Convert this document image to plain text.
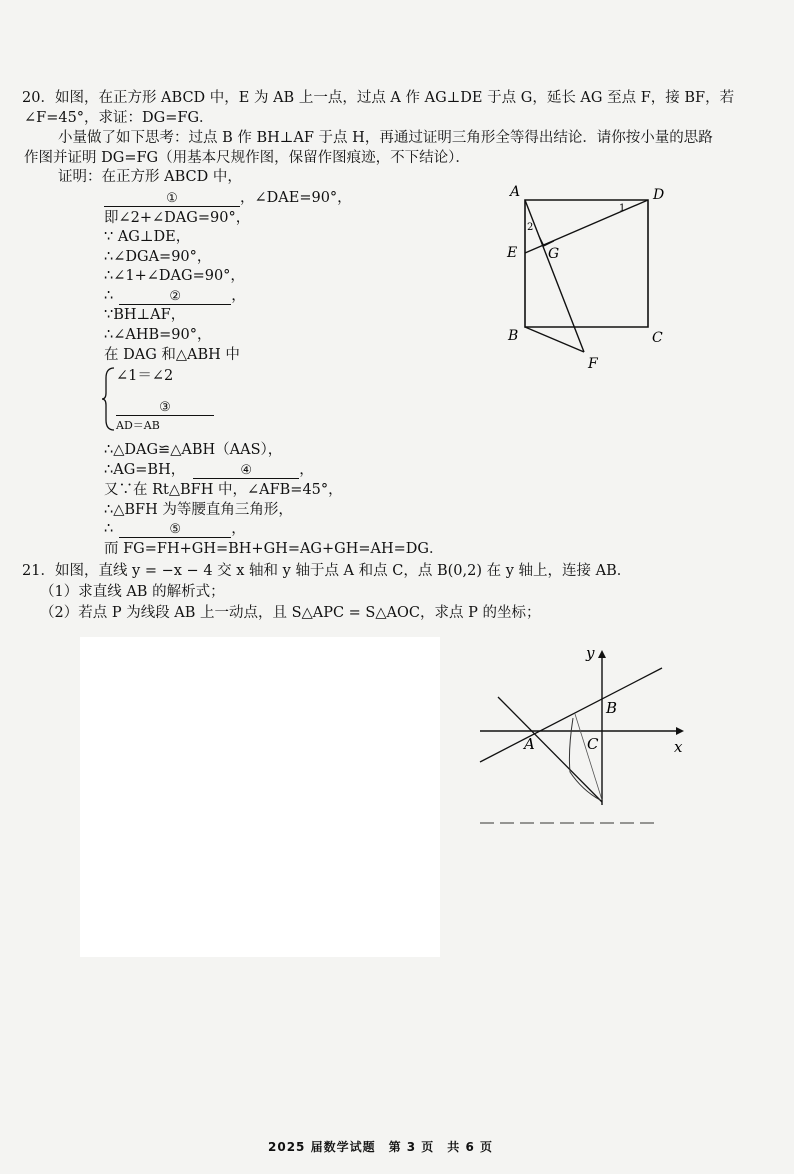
20．如图，在正方形 ABCD 中，E 为 AB 上一点，过点 A 作 AG⊥DE 于点 G，延长 AG 至点 F，接 BF，若
∠F=45°，求证：DG=FG．
小量做了如下思考：过点 B 作 BH⊥AF 于点 H，再通过证明三角形全等得出结论．请你按小量的思路
作图并证明 DG=FG（用基本尺规作图，保留作图痕迹，不下结论）．
证明：在正方形 ABCD 中，
①	，∠DAE=90°，
即∠2+∠DAG=90°，
∵ AG⊥DE，
∴∠DGA=90°，
∴∠1+∠DAG=90°，
∴	②	，
∵BH⊥AF，
∴∠AHB=90°，
在 DAG 和△ABH 中
∠1＝∠2
③
AD＝AB
∴△DAG≌△ABH（AAS），
∴AG=BH，	④	，
又∵在 Rt△BFH 中，∠AFB=45°，
∴△BFH 为等腰直角三角形，
∴	⑤	，
而 FG=FH+GH=BH+GH=AG+GH=AH=DG．
A	D
E G
B	C
F
1
2
21．如图，直线 y = −x − 4 交 x 轴和 y 轴于点 A 和点 C，点 B(0,2) 在 y 轴上，连接 AB．
（1）求直线 AB 的解析式；
（2）若点 P 为线段 AB 上一动点，且 S△APC = S△AOC，求点 P 的坐标；
y
x
A
B
C
2025 届数学试题　第 3 页　共 6 页
